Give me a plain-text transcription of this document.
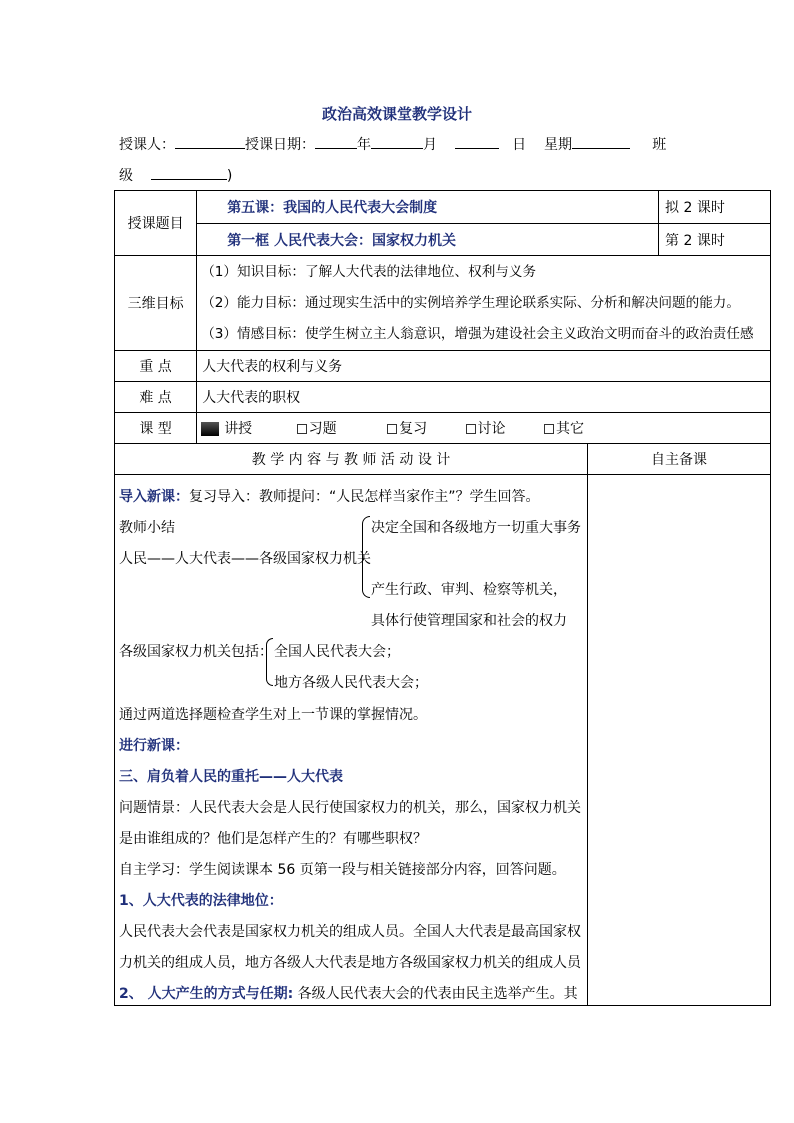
政治高效课堂教学设计
授课人：	授课日期：	年	月	日 星期	班
级	)
授课题目	第五课：我国的人民代表大会制度		拟 2 课时
	第一框 人民代表大会：国家权力机关		第 2 课时
三维目标	（1）知识目标：了解人大代表的法律地位、权利与义务
（2）能力目标：通过现实生活中的实例培养学生理论联系实际、分析和解决问题的能力。
（3）情感目标：使学生树立主人翁意识，增强为建设社会主义政治文明而奋斗的政治责任感		

重 点	人大代表的权利与义务		
难 点	人大代表的职权		
课 型	讲授 习题 复习 讨论 其它		
教 学 内 容 与 教 师 活 动 设 计		自主备课	

导入新课：复习导入：教师提问：“人民怎样当家作主”？学生回答。
教师小结
人民——人大代表——各级国家权力机关
决定全国和各级地方一切重大事务
产生行政、审判、检察等机关，
具体行使管理国家和社会的权力
各级国家权力机关包括： 全国人民代表大会；
地方各级人民代表大会；
通过两道选择题检查学生对上一节课的掌握情况。
进行新课：
三、肩负着人民的重托——人大代表
问题情景：人民代表大会是人民行使国家权力的机关，那么，国家权力机关
是由谁组成的？他们是怎样产生的？有哪些职权？
自主学习：学生阅读课本 56 页第一段与相关链接部分内容，回答问题。
1、人大代表的法律地位：
人民代表大会代表是国家权力机关的组成人员。全国人大代表是最高国家权
力机关的组成人员，地方各级人大代表是地方各级国家权力机关的组成人员
2、 人大产生的方式与任期: 各级人民代表大会的代表由民主选举产生。其
